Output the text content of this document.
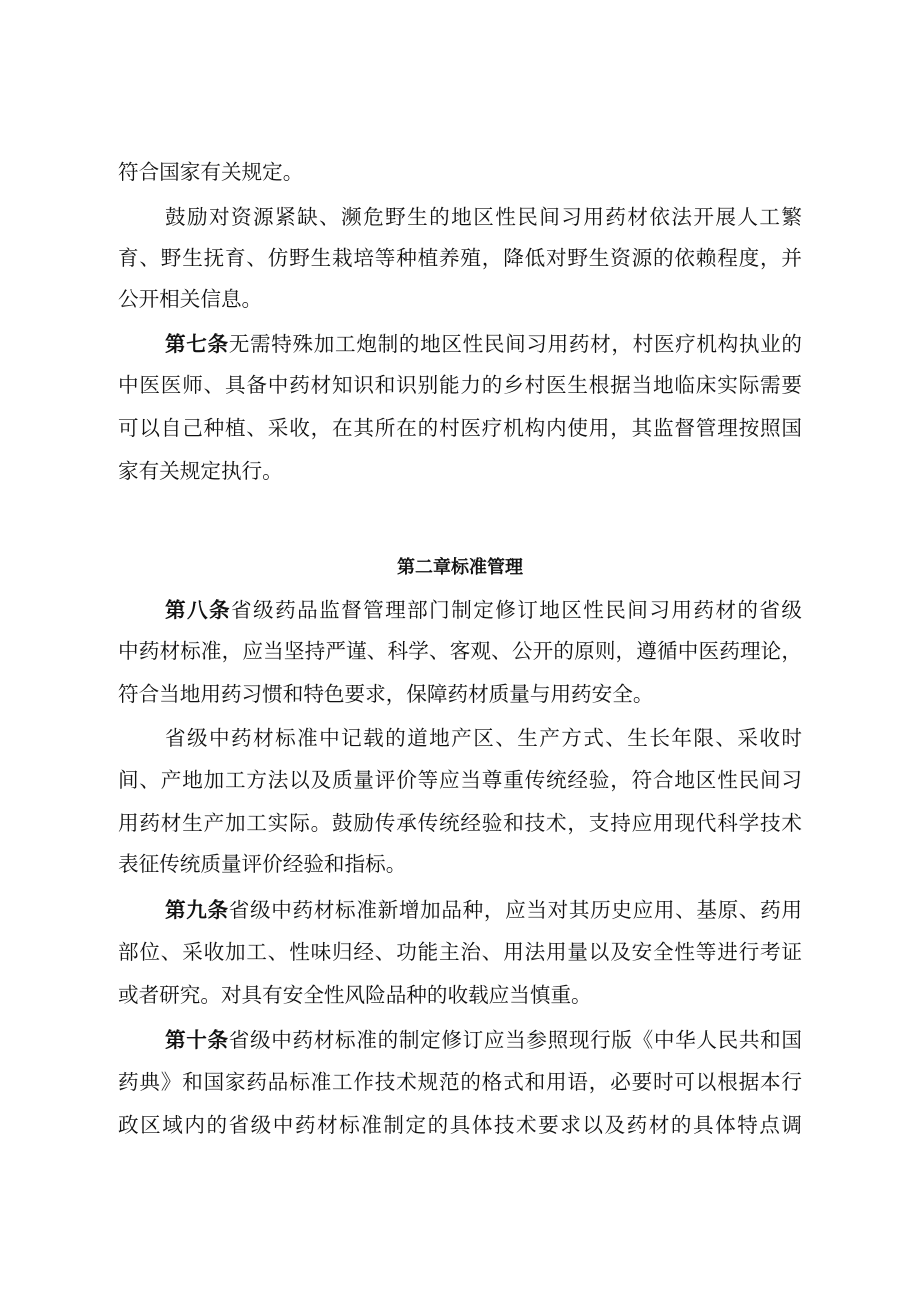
符合国家有关规定。
鼓励对资源紧缺、濒危野生的地区性民间习用药材依法开展人工繁
育、野生抚育、仿野生栽培等种植养殖，降低对野生资源的依赖程度，并
公开相关信息。
第七条无需特殊加工炮制的地区性民间习用药材，村医疗机构执业的
中医医师、具备中药材知识和识别能力的乡村医生根据当地临床实际需要
可以自己种植、采收，在其所在的村医疗机构内使用，其监督管理按照国
家有关规定执行。
第二章标准管理
第八条省级药品监督管理部门制定修订地区性民间习用药材的省级
中药材标准，应当坚持严谨、科学、客观、公开的原则，遵循中医药理论，
符合当地用药习惯和特色要求，保障药材质量与用药安全。
省级中药材标准中记载的道地产区、生产方式、生长年限、采收时
间、产地加工方法以及质量评价等应当尊重传统经验，符合地区性民间习
用药材生产加工实际。鼓励传承传统经验和技术，支持应用现代科学技术
表征传统质量评价经验和指标。
第九条省级中药材标准新增加品种，应当对其历史应用、基原、药用
部位、采收加工、性味归经、功能主治、用法用量以及安全性等进行考证
或者研究。对具有安全性风险品种的收载应当慎重。
第十条省级中药材标准的制定修订应当参照现行版《中华人民共和国
药典》和国家药品标准工作技术规范的格式和用语，必要时可以根据本行
政区域内的省级中药材标准制定的具体技术要求以及药材的具体特点调
